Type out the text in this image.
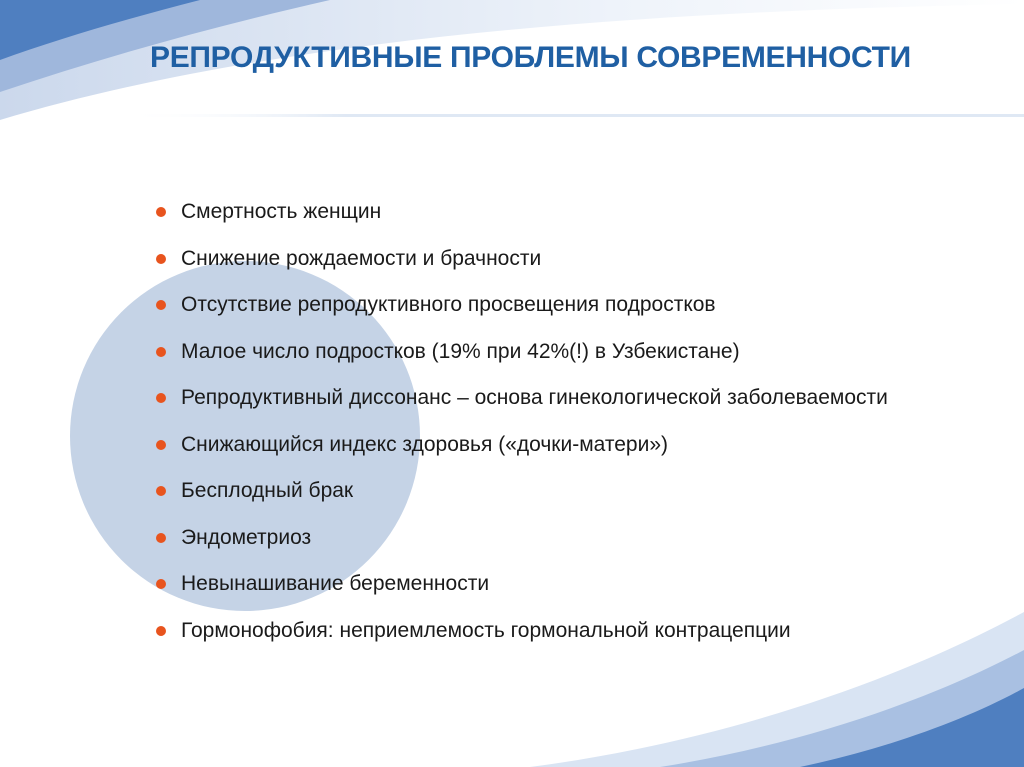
РЕПРОДУКТИВНЫЕ ПРОБЛЕМЫ СОВРЕМЕННОСТИ
Смертность женщин
Снижение рождаемости и брачности
Отсутствие репродуктивного просвещения подростков
Малое число подростков (19% при 42%(!) в Узбекистане)
Репродуктивный диссонанс – основа гинекологической заболеваемости
Снижающийся индекс здоровья («дочки-матери»)
Бесплодный брак
Эндометриоз
Невынашивание беременности
Гормонофобия: неприемлемость гормональной контрацепции
